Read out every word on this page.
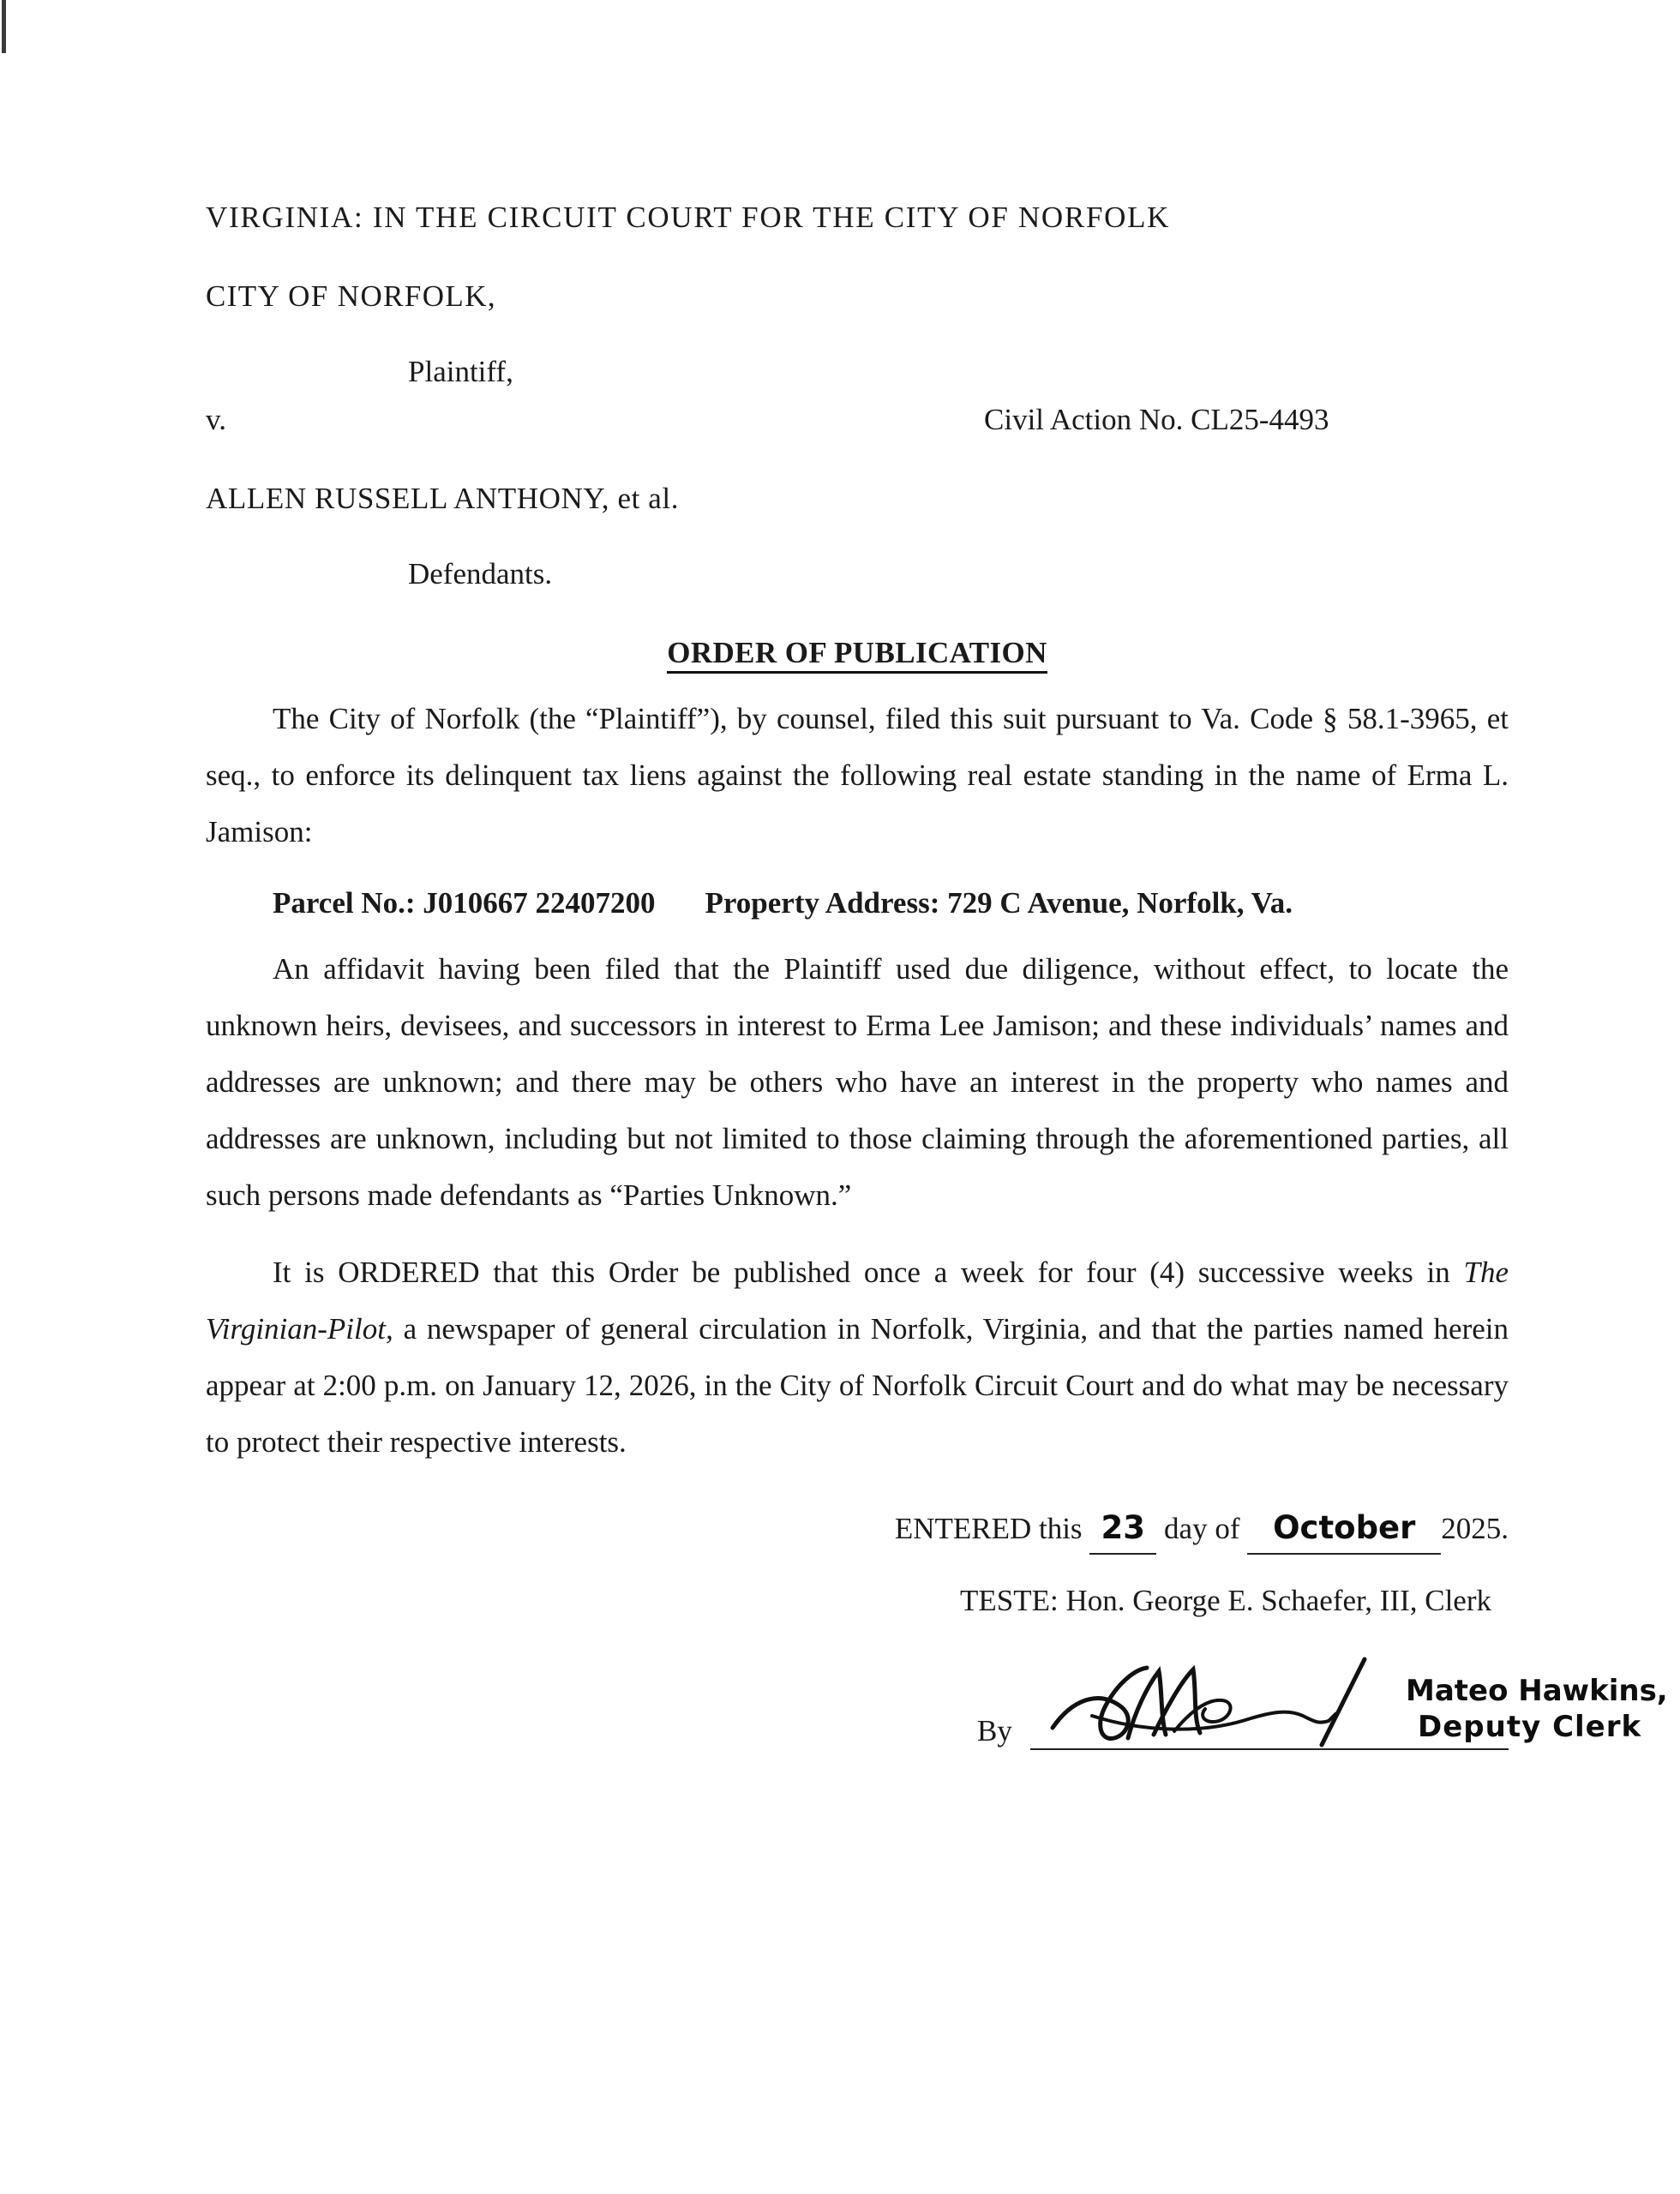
VIRGINIA: IN THE CIRCUIT COURT FOR THE CITY OF NORFOLK
CITY OF NORFOLK,
Plaintiff,
v.	Civil Action No. CL25-4493
ALLEN RUSSELL ANTHONY, et al.
Defendants.
ORDER OF PUBLICATION
The City of Norfolk (the “Plaintiff”), by counsel, filed this suit pursuant to Va. Code § 58.1-3965, et seq., to enforce its delinquent tax liens against the following real estate standing in the name of Erma L. Jamison:
Parcel No.: J010667 22407200 Property Address: 729 C Avenue, Norfolk, Va.
An affidavit having been filed that the Plaintiff used due diligence, without effect, to locate the unknown heirs, devisees, and successors in interest to Erma Lee Jamison; and these individuals’ names and addresses are unknown; and there may be others who have an interest in the property who names and addresses are unknown, including but not limited to those claiming through the aforementioned parties, all such persons made defendants as “Parties Unknown.”
It is ORDERED that this Order be published once a week for four (4) successive weeks in The Virginian-Pilot, a newspaper of general circulation in Norfolk, Virginia, and that the parties named herein appear at 2:00 p.m. on January 12, 2026, in the City of Norfolk Circuit Court and do what may be necessary to protect their respective interests.
ENTERED this 23 day of October 2025.
TESTE: Hon. George E. Schaefer, III, Clerk
By
Mateo Hawkins,
Deputy Clerk
